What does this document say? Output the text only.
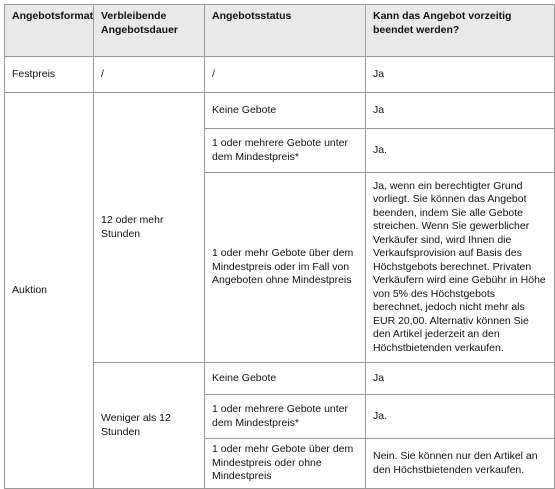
Angebotsformat	Verbleibende Angebotsdauer	Angebotsstatus	Kann das Angebot vorzeitig beendet werden?
Festpreis	/	/	Ja
Auktion	12 oder mehr Stunden	Keine Gebote	Ja
		1 oder mehrere Gebote unter dem Mindestpreis*	Ja.
		1 oder mehr Gebote über dem Mindestpreis oder im Fall von Angeboten ohne Mindestpreis	Ja, wenn ein berechtigter Grund vorliegt. Sie können das Angebot beenden, indem Sie alle Gebote streichen. Wenn Sie gewerblicher Verkäufer sind, wird Ihnen die Verkaufsprovision auf Basis des Höchstgebots berechnet. Privaten Verkäufern wird eine Gebühr in Höhe von 5% des Höchstgebots berechnet, jedoch nicht mehr als EUR 20,00. Alternativ können Sie den Artikel jederzeit an den Höchstbietenden verkaufen.
	Weniger als 12 Stunden	Keine Gebote	Ja
		1 oder mehrere Gebote unter dem Mindestpreis*	Ja.
		1 oder mehr Gebote über dem Mindestpreis oder ohne Mindestpreis	Nein. Sie können nur den Artikel an den Höchstbietenden verkaufen.
